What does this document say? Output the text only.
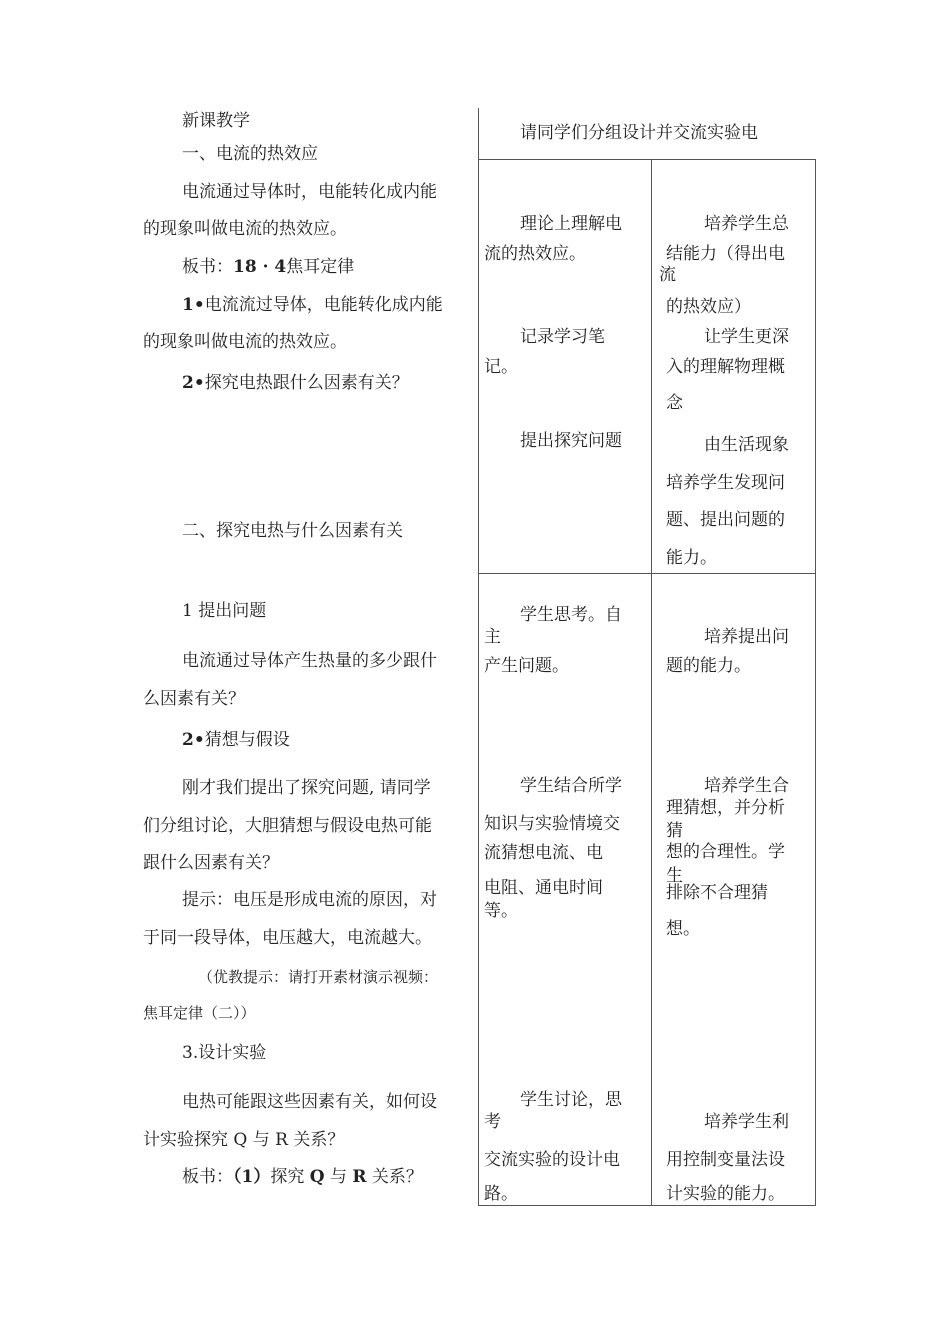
新课教学
一、电流的热效应
电流通过导体时，电能转化成内能
的现象叫做电流的热效应。
板书：18 · 4焦耳定律
1•电流流过导体，电能转化成内能
的现象叫做电流的热效应。
2•探究电热跟什么因素有关？
二、探究电热与什么因素有关
1 提出问题
电流通过导体产生热量的多少跟什
么因素有关？
2•猜想与假设
刚才我们提出了探究问题, 请同学
们分组讨论，大胆猜想与假设电热可能
跟什么因素有关？
提示：电压是形成电流的原因，对
于同一段导体，电压越大，电流越大。
（优教提示：请打开素材演示视频：
焦耳定律（二））
3.设计实验
电热可能跟这些因素有关，如何设
计实验探究 Q 与 R 关系？
板书：（1）探究 Q 与 R 关系？
请同学们分组设计并交流实验电
理论上理解电
流的热效应。
记录学习笔
记。
提出探究问题
学生思考。自
主
产生问题。
学生结合所学
知识与实验情境交
流猜想电流、电
电阻、通电时间
等。
学生讨论，思
考
交流实验的设计电
路。
培养学生总
结能力（得出电
流
的热效应）
让学生更深
入的理解物理概
念
由生活现象
培养学生发现问
题、提出问题的
能力。
培养提出问
题的能力。
培养学生合
理猜想，并分析
猜
想的合理性。学
生
排除不合理猜
想。
培养学生利
用控制变量法设
计实验的能力。
